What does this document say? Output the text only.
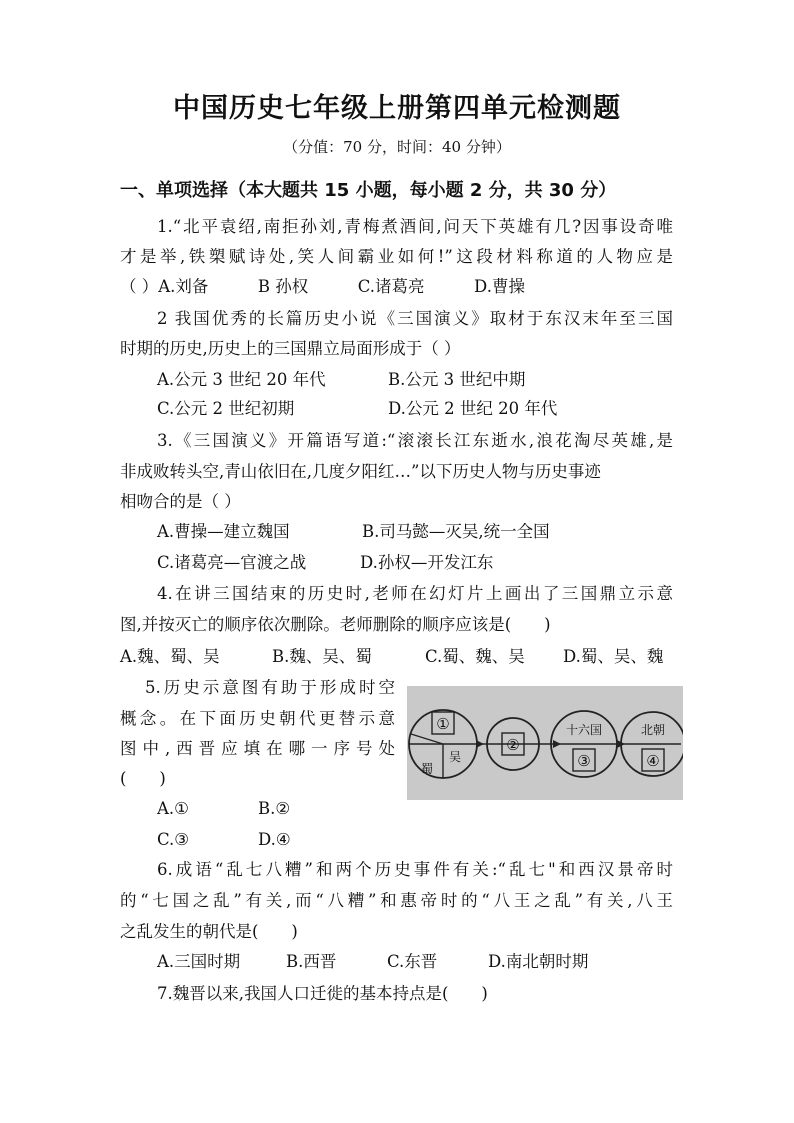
中国历史七年级上册第四单元检测题
（分值：70 分，时间：40 分钟）
一、单项选择（本大题共 15 小题，每小题 2 分，共 30 分）
1.“北平袁绍,南拒孙刘,青梅煮酒间,问天下英雄有几?因事设奇唯
才是举,铁槊赋诗处,笑人间霸业如何!”这段材料称道的人物应是
（ ）A.刘备　　　B 孙权　　　C.诸葛亮　　　D.曹操
2 我国优秀的长篇历史小说《三国演义》取材于东汉末年至三国
时期的历史,历史上的三国鼎立局面形成于（ ）
A.公元 3 世纪 20 年代	B.公元 3 世纪中期
C.公元 2 世纪初期	D.公元 2 世纪 20 年代
3.《三国演义》开篇语写道:“滚滚长江东逝水,浪花淘尽英雄,是
非成败转头空,青山依旧在,几度夕阳红…”以下历史人物与历史事迹
相吻合的是（ ）
A.曹操—建立魏国	B.司马懿—灭吴,统一全国
C.诸葛亮—官渡之战	D.孙权—开发江东
4.在讲三国结束的历史时,老师在幻灯片上画出了三国鼎立示意
图,并按灭亡的顺序依次删除。老师删除的顺序应该是(　　)
A.魏、蜀、吴	B.魏、吴、蜀	C.蜀、魏、吴 D.蜀、吴、魏
5.历史示意图有助于形成时空
概念。在下面历史朝代更替示意
图中,西晋应填在哪一序号处
(　　)
A.①	B.②
C.③	D.④
①
蜀
吴
②
十六国
③
北朝
④
6.成语“乱七八糟”和两个历史事件有关:“乱七"和西汉景帝时
的“七国之乱”有关,而“八糟”和惠帝时的“八王之乱”有关,八王
之乱发生的朝代是(　　)
A.三国时期	B.西晋	C.东晋	D.南北朝时期
7.魏晋以来,我国人口迁徙的基本持点是(　　)
